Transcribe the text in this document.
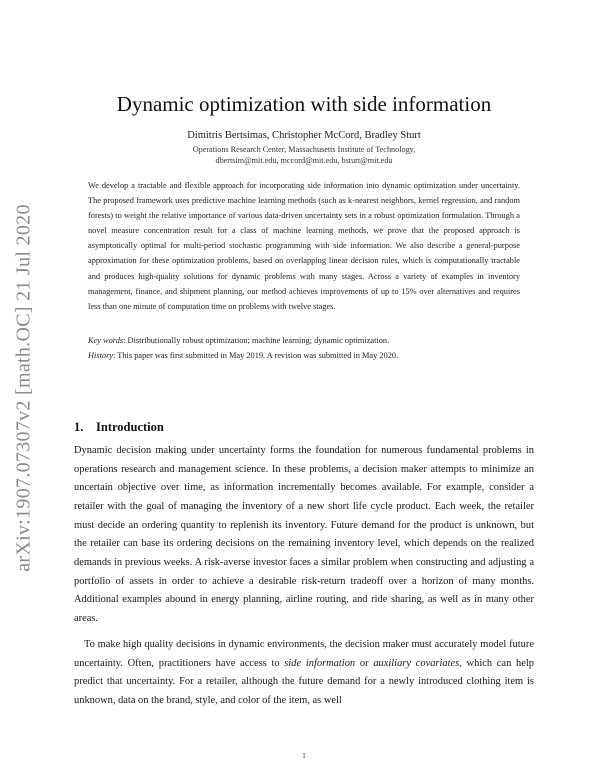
arXiv:1907.07307v2 [math.OC] 21 Jul 2020
Dynamic optimization with side information
Dimitris Bertsimas, Christopher McCord, Bradley Sturt
Operations Research Center, Massachusetts Institute of Technology,
dbertsim@mit.edu, mccord@mit.edu, bsturt@mit.edu

We develop a tractable and flexible approach for incorporating side information into dynamic optimization under uncertainty. The proposed framework uses predictive machine learning methods (such as k-nearest neighbors, kernel regression, and random forests) to weight the relative importance of various data-driven uncertainty sets in a robust optimization formulation. Through a novel measure concentration result for a class of machine learning methods, we prove that the proposed approach is asymptotically optimal for multi-period stochastic programming with side information. We also describe a general-purpose approximation for these optimization problems, based on overlapping linear decision rules, which is computationally tractable and produces high-quality solutions for dynamic problems with many stages. Across a variety of examples in inventory management, finance, and shipment planning, our method achieves improvements of up to 15% over alternatives and requires less than one minute of computation time on problems with twelve stages.

Key words: Distributionally robust optimization; machine learning; dynamic optimization.
History: This paper was first submitted in May 2019. A revision was submitted in May 2020.
1. Introduction

Dynamic decision making under uncertainty forms the foundation for numerous fundamental problems in operations research and management science. In these problems, a decision maker attempts to minimize an uncertain objective over time, as information incrementally becomes available. For example, consider a retailer with the goal of managing the inventory of a new short life cycle product. Each week, the retailer must decide an ordering quantity to replenish its inventory. Future demand for the product is unknown, but the retailer can base its ordering decisions on the remaining inventory level, which depends on the realized demands in previous weeks. A risk-averse investor faces a similar problem when constructing and adjusting a portfolio of assets in order to achieve a desirable risk-return tradeoff over a horizon of many months. Additional examples abound in energy planning, airline routing, and ride sharing, as well as in many other areas.

To make high quality decisions in dynamic environments, the decision maker must accurately model future uncertainty. Often, practitioners have access to side information or auxiliary covariates, which can help predict that uncertainty. For a retailer, although the future demand for a newly introduced clothing item is unknown, data on the brand, style, and color of the item, as well

1
